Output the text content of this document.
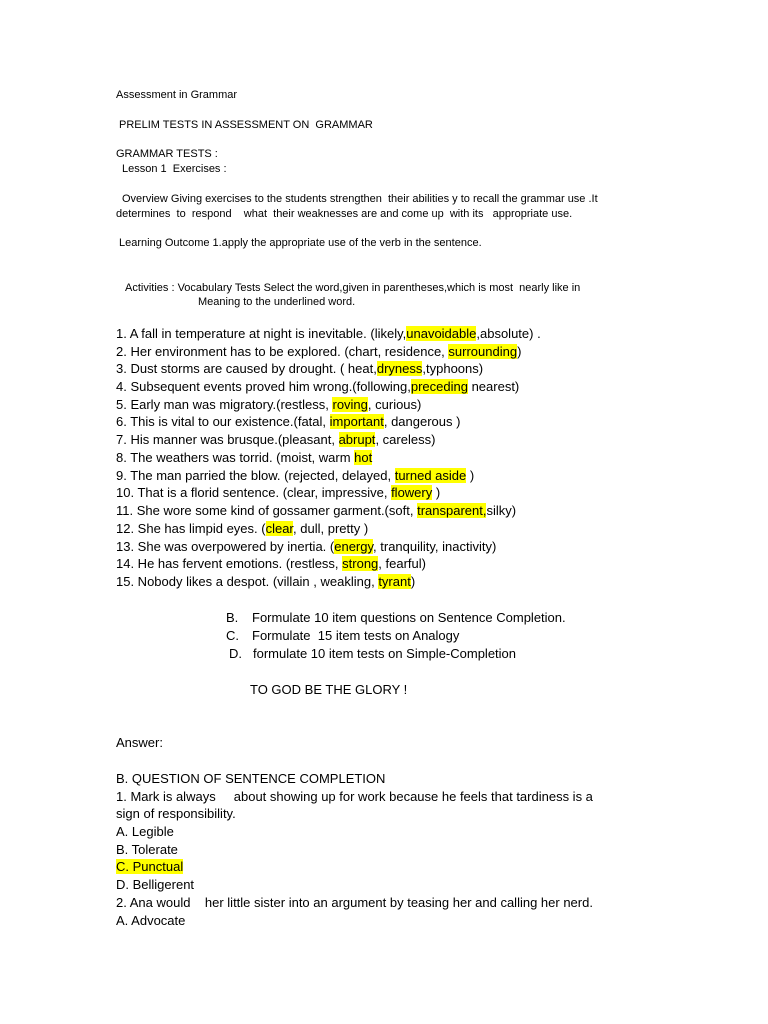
Assessment in Grammar
PRELIM TESTS IN ASSESSMENT ON  GRAMMAR
GRAMMAR TESTS :
Lesson 1  Exercises :
Overview Giving exercises to the students strengthen  their abilities y to recall the grammar use .It
determines  to  respond    what  their weaknesses are and come up  with its   appropriate use.
Learning Outcome 1.apply the appropriate use of the verb in the sentence.
Activities : Vocabulary Tests Select the word,given in parentheses,which is most  nearly like in
Meaning to the underlined word.
1. A fall in temperature at night is inevitable. (likely,unavoidable,absolute) .
2. Her environment has to be explored. (chart, residence, surrounding)
3. Dust storms are caused by drought. ( heat,dryness,typhoons)
4. Subsequent events proved him wrong.(following,preceding nearest)
5. Early man was migratory.(restless, roving, curious)
6. This is vital to our existence.(fatal, important, dangerous )
7. His manner was brusque.(pleasant, abrupt, careless)
8. The weathers was torrid. (moist, warm hot
9. The man parried the blow. (rejected, delayed, turned aside )
10. That is a florid sentence. (clear, impressive, flowery )
11. She wore some kind of gossamer garment.(soft, transparent,silky)
12. She has limpid eyes. (clear, dull, pretty )
13. She was overpowered by inertia. (energy, tranquility, inactivity)
14. He has fervent emotions. (restless, strong, fearful)
15. Nobody likes a despot. (villain , weakling, tyrant)
B. Formulate 10 item questions on Sentence Completion.
C. Formulate  15 item tests on Analogy
D. formulate 10 item tests on Simple-Completion
TO GOD BE THE GLORY !
Answer:
B. QUESTION OF SENTENCE COMPLETION
1. Mark is always     about showing up for work because he feels that tardiness is a
sign of responsibility.
A. Legible
B. Tolerate
C. Punctual
D. Belligerent
2. Ana would    her little sister into an argument by teasing her and calling her nerd.
A. Advocate
